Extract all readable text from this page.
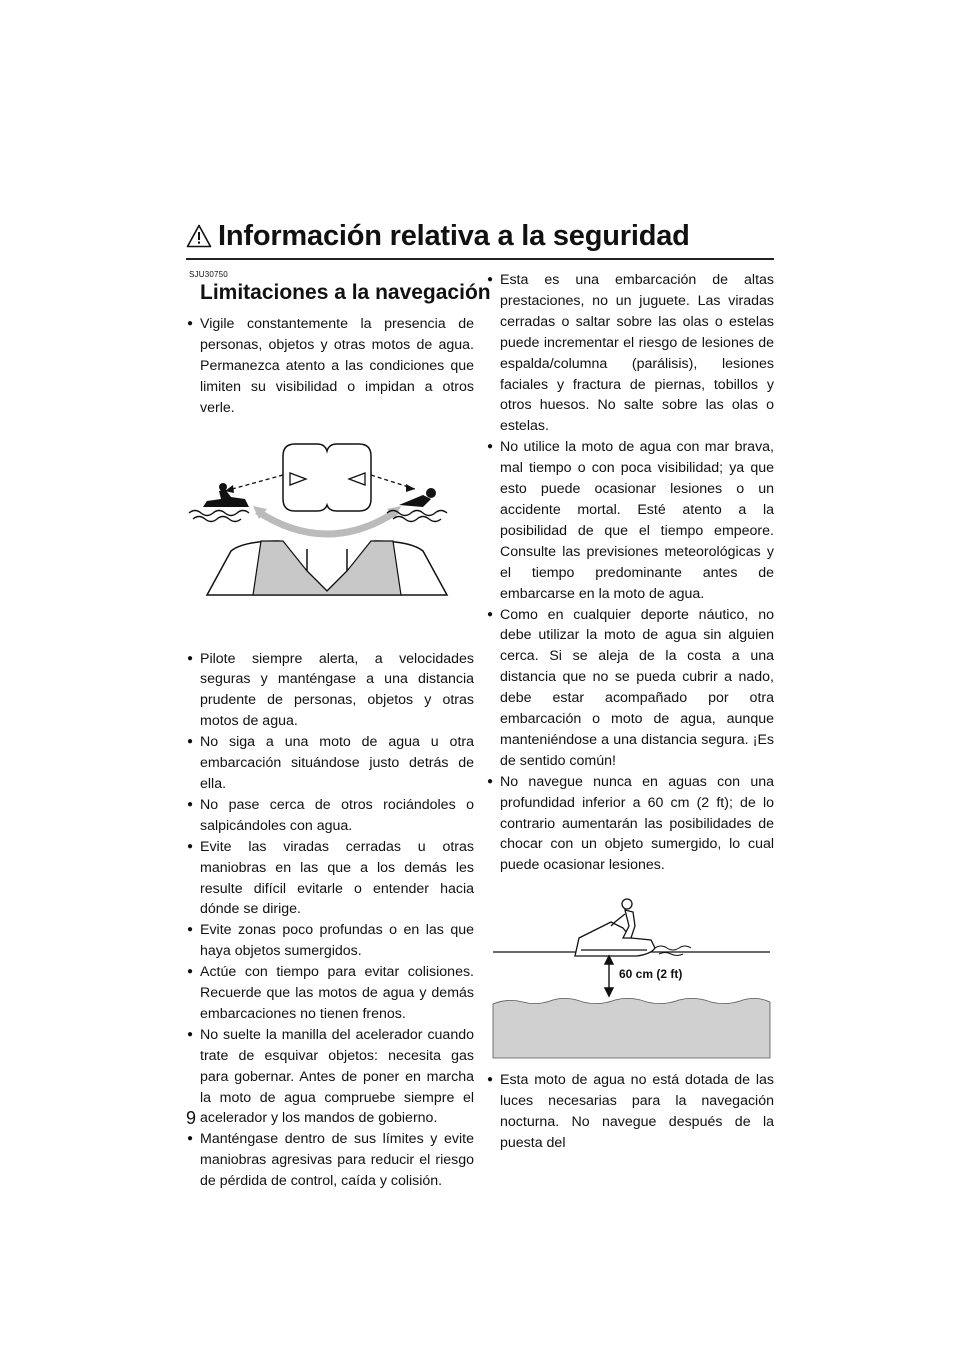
Información relativa a la seguridad
9
SJU30750
Limitaciones a la navegación
● Vigile constantemente la presencia de personas, objetos y otras motos de agua. Permanezca atento a las condiciones que limiten su visibilidad o impidan a otros verle.
● Pilote siempre alerta, a velocidades seguras y manténgase a una distancia prudente de personas, objetos y otras motos de agua.
● No siga a una moto de agua u otra embarcación situándose justo detrás de ella.
● No pase cerca de otros rociándoles o salpicándoles con agua.
● Evite las viradas cerradas u otras maniobras en las que a los demás les resulte difícil evitarle o entender hacia dónde se dirige.
● Evite zonas poco profundas o en las que haya objetos sumergidos.
● Actúe con tiempo para evitar colisiones. Recuerde que las motos de agua y demás embarcaciones no tienen frenos.
● No suelte la manilla del acelerador cuando trate de esquivar objetos: necesita gas para gobernar. Antes de poner en marcha la moto de agua compruebe siempre el acelerador y los mandos de gobierno.
● Manténgase dentro de sus límites y evite maniobras agresivas para reducir el riesgo de pérdida de control, caída y colisión.
● Esta es una embarcación de altas prestaciones, no un juguete. Las viradas cerradas o saltar sobre las olas o estelas puede incrementar el riesgo de lesiones de espalda/columna (parálisis), lesiones faciales y fractura de piernas, tobillos y otros huesos. No salte sobre las olas o estelas.
● No utilice la moto de agua con mar brava, mal tiempo o con poca visibilidad; ya que esto puede ocasionar lesiones o un accidente mortal. Esté atento a la posibilidad de que el tiempo empeore. Consulte las previsiones meteorológicas y el tiempo predominante antes de embarcarse en la moto de agua.
● Como en cualquier deporte náutico, no debe utilizar la moto de agua sin alguien cerca. Si se aleja de la costa a una distancia que no se pueda cubrir a nado, debe estar acompañado por otra embarcación o moto de agua, aunque manteniéndose a una distancia segura. ¡Es de sentido común!
● No navegue nunca en aguas con una profundidad inferior a 60 cm (2 ft); de lo contrario aumentarán las posibilidades de chocar con un objeto sumergido, lo cual puede ocasionar lesiones.
60 cm (2 ft)
● Esta moto de agua no está dotada de las luces necesarias para la navegación nocturna. No navegue después de la puesta del
